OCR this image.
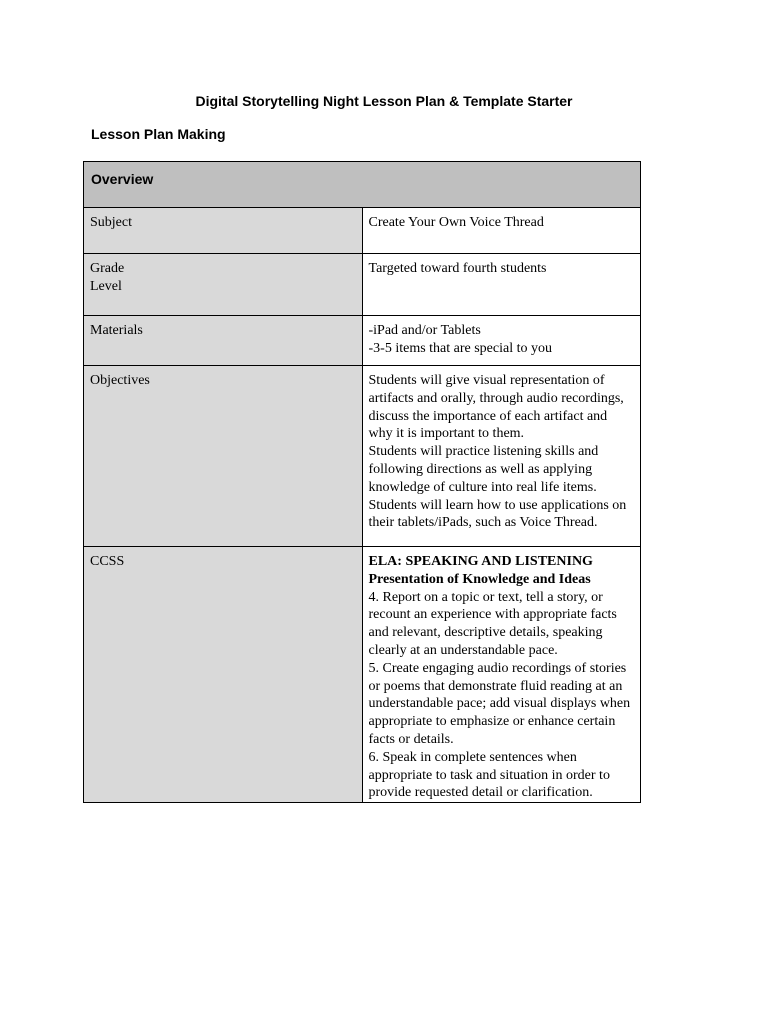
Digital Storytelling Night Lesson Plan & Template Starter
Lesson Plan Making
Overview	

Subject	Create Your Own Voice Thread

Grade
Level	Targeted toward fourth students

Materials	-iPad and/or Tablets
-3-5 items that are special to you

Objectives	Students will give visual representation of artifacts and orally, through audio recordings, discuss the importance of each artifact and why it is important to them.
Students will practice listening skills and following directions as well as applying knowledge of culture into real life items.
Students will learn how to use applications on their tablets/iPads, such as Voice Thread.

CCSS	ELA: SPEAKING AND LISTENING Presentation of Knowledge and Ideas
4. Report on a topic or text, tell a story, or recount an experience with appropriate facts and relevant, descriptive details, speaking clearly at an understandable pace.
5. Create engaging audio recordings of stories or poems that demonstrate fluid reading at an understandable pace; add visual displays when appropriate to emphasize or enhance certain facts or details.
6. Speak in complete sentences when appropriate to task and situation in order to provide requested detail or clarification.
